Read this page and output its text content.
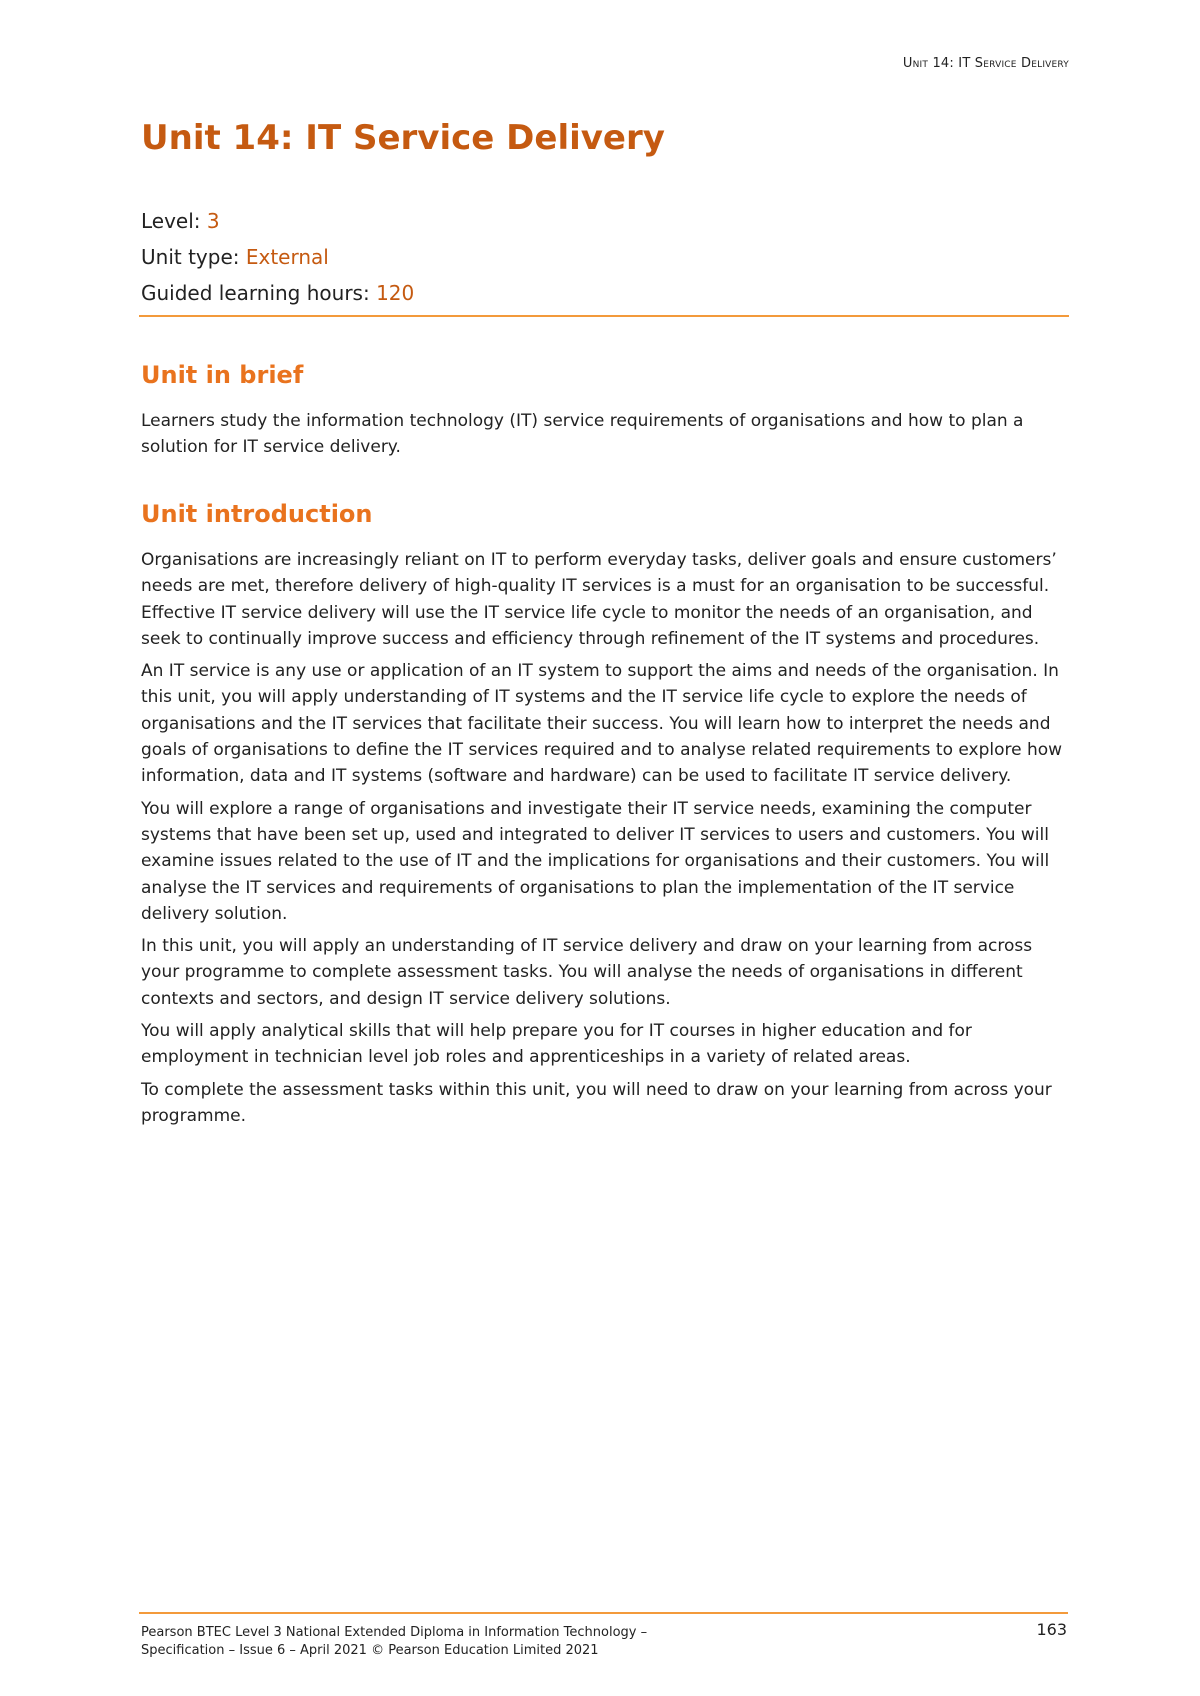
Unit 14: IT Service Delivery
Unit 14: IT Service Delivery
Level: 3
Unit type: External
Guided learning hours: 120
Unit in brief

Learners study the information technology (IT) service requirements of organisations and how to plan a solution for IT service delivery.

Unit introduction

Organisations are increasingly reliant on IT to perform everyday tasks, deliver goals and ensure customers’ needs are met, therefore delivery of high-quality IT services is a must for an organisation to be successful. Effective IT service delivery will use the IT service life cycle to monitor the needs of an organisation, and seek to continually improve success and efficiency through refinement of the IT systems and procedures.

An IT service is any use or application of an IT system to support the aims and needs of the organisation. In this unit, you will apply understanding of IT systems and the IT service life cycle to explore the needs of organisations and the IT services that facilitate their success. You will learn how to interpret the needs and goals of organisations to define the IT services required and to analyse related requirements to explore how information, data and IT systems (software and hardware) can be used to facilitate IT service delivery.

You will explore a range of organisations and investigate their IT service needs, examining the computer systems that have been set up, used and integrated to deliver IT services to users and customers. You will examine issues related to the use of IT and the implications for organisations and their customers. You will analyse the IT services and requirements of organisations to plan the implementation of the IT service delivery solution.

In this unit, you will apply an understanding of IT service delivery and draw on your learning from across your programme to complete assessment tasks. You will analyse the needs of organisations in different contexts and sectors, and design IT service delivery solutions.

You will apply analytical skills that will help prepare you for IT courses in higher education and for employment in technician level job roles and apprenticeships in a variety of related areas.

To complete the assessment tasks within this unit, you will need to draw on your learning from across your programme.

Pearson BTEC Level 3 National Extended Diploma in Information Technology –
Specification – Issue 6 – April 2021 © Pearson Education Limited 2021
163
